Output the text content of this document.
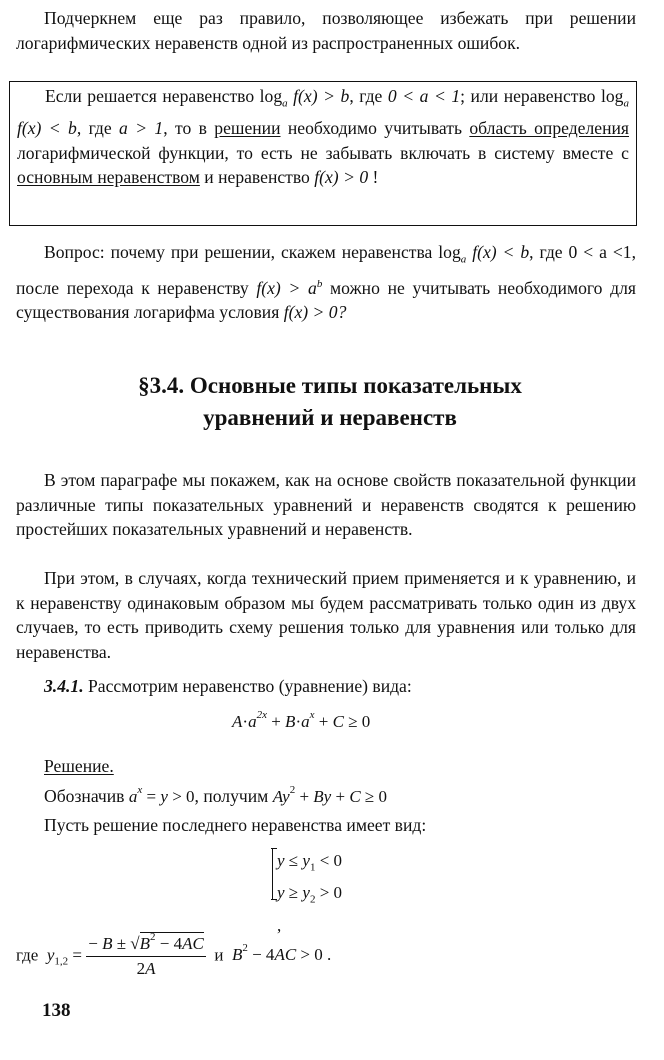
Подчеркнем еще раз правило, позволяющее избежать при решении логарифмических неравенств одной из распространенных ошибок.
Если решается неравенство $\log_a f(x) > b$, где 0 < a < 1; или неравенство $\log_a f(x) < b$, где a > 1, то в решении необходимо учитывать область определения логарифмической функции, то есть не забывать включать в систему вместе с основным неравенством и неравенство f(x) > 0 !
Вопрос: почему при решении, скажем неравенства $\log_a f(x) < b$, где 0 < a <1, после перехода к неравенству $f(x) > a^b$ можно не учитывать необходимого для существования логарифма условия f(x) > 0?
§3.4. Основные типы показательных
уравнений и неравенств
В этом параграфе мы покажем, как на основе свойств показательной функции различные типы показательных уравнений и неравенств сводятся к решению простейших показательных уравнений и неравенств.
При этом, в случаях, когда технический прием применяется и к уравнению, и к неравенству одинаковым образом мы будем рассматривать только один из двух случаев, то есть приводить схему решения только для уравнения или только для неравенства.
3.4.1. Рассмотрим неравенство (уравнение) вида:
$A\cdot a^{2x} + B\cdot a^x + C \ge 0$
Решение.
Обозначив $a^x = y > 0$, получим $Ay^2 + By + C \ge 0$
Пусть решение последнего неравенства имеет вид:
$y \le y_1 < 0$
$y \ge y_2 > 0$ ,
где $y_{1,2} = \frac{- B \pm √B^2 - 4AC}{2A}$ и $B^2 - 4AC > 0$ .
138
